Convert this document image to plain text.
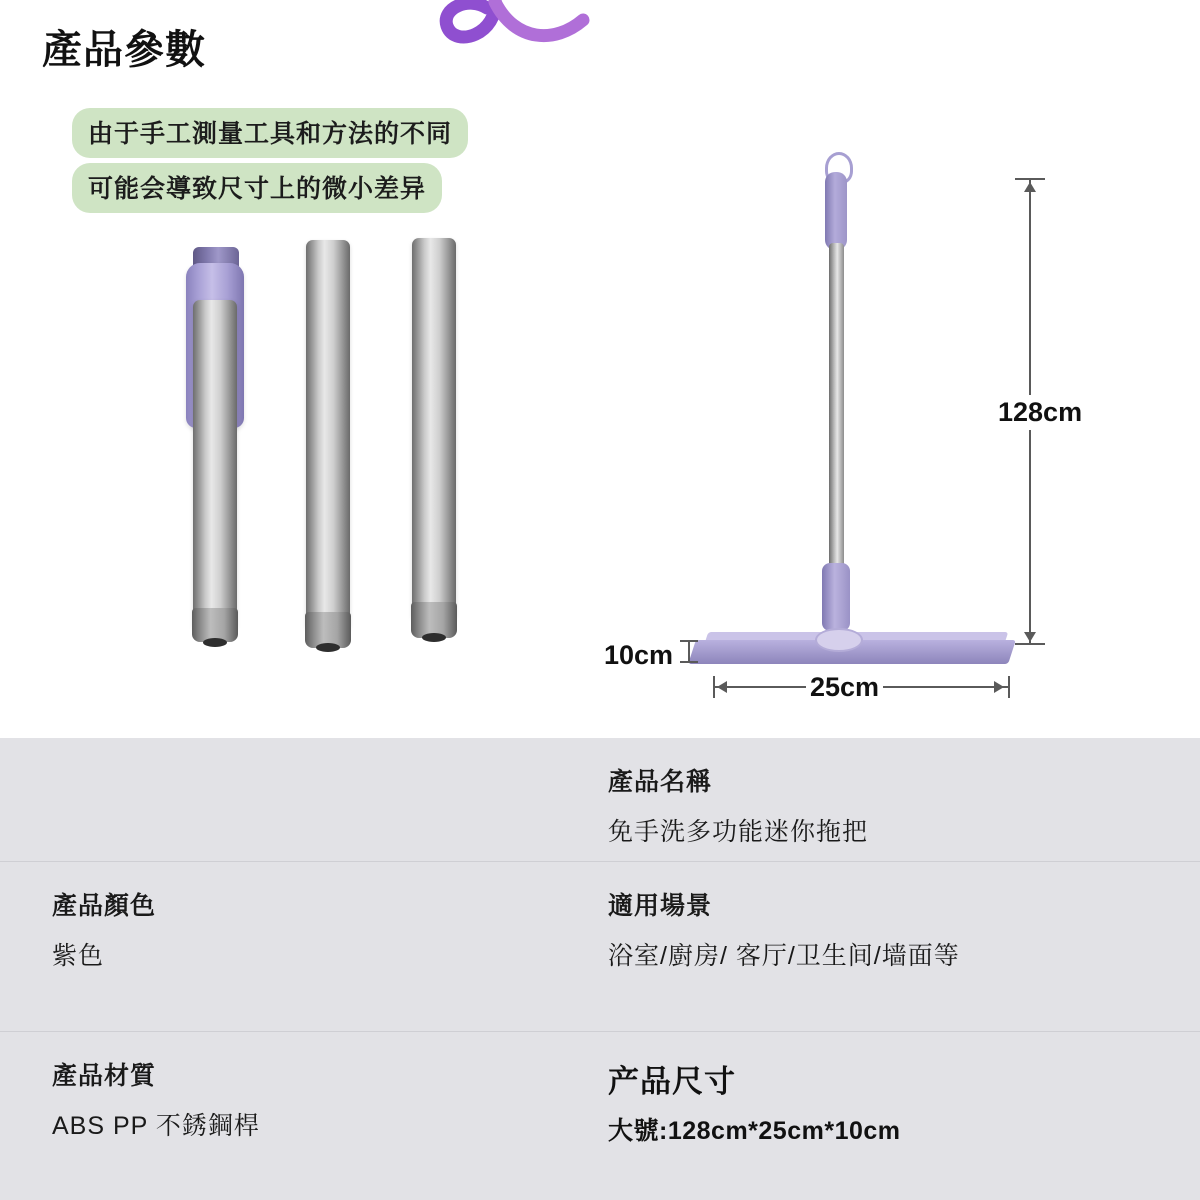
產品參數
由于手工測量工具和方法的不同
可能会導致尺寸上的微小差异
128cm
25cm
10cm
產品名稱
免手洗多功能迷你拖把
產品顏色
紫色
適用場景
浴室/廚房/ 客厅/卫生间/墙面等
產品材質
ABS PP 不銹鋼桿
产品尺寸
大號:128cm*25cm*10cm
